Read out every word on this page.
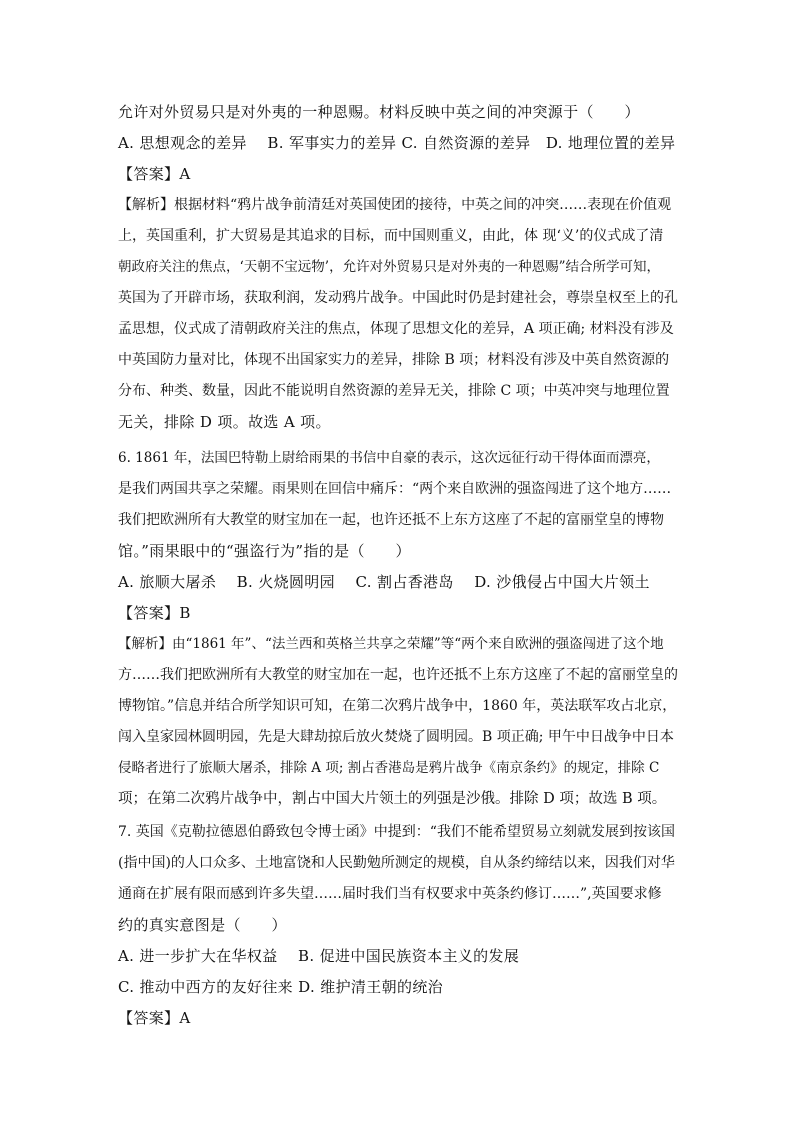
允许对外贸易只是对外夷的一种恩赐。材料反映中英之间的冲突源于（　　）
A. 思想观念的差异　 B. 军事实力的差异 C. 自然资源的差异　D. 地理位置的差异
【答案】A
【解析】根据材料“鸦片战争前清廷对英国使团的接待，中英之间的冲突……表现在价值观
上，英国重利，扩大贸易是其追求的目标，而中国则重义，由此，体 现‘义’的仪式成了清
朝政府关注的焦点，‘天朝不宝远物’，允许对外贸易只是对外夷的一种恩赐”结合所学可知，
英国为了开辟市场，获取利润，发动鸦片战争。中国此时仍是封建社会，尊崇皇权至上的孔
孟思想，仪式成了清朝政府关注的焦点，体现了思想文化的差异，A 项正确; 材料没有涉及
中英国防力量对比，体现不出国家实力的差异，排除 B 项；材料没有涉及中英自然资源的
分布、种类、数量，因此不能说明自然资源的差异无关，排除 C 项；中英冲突与地理位置
无关，排除 D 项。故选 A 项。
6. 1861 年，法国巴特勒上尉给雨果的书信中自豪的表示，这次远征行动干得体面而漂亮，
是我们两国共享之荣耀。雨果则在回信中痛斥：“两个来自欧洲的强盗闯进了这个地方……
我们把欧洲所有大教堂的财宝加在一起，也许还抵不上东方这座了不起的富丽堂皇的博物
馆。”雨果眼中的“强盗行为”指的是（　　）
A. 旅顺大屠杀　 B. 火烧圆明园　 C. 割占香港岛　 D. 沙俄侵占中国大片领土
【答案】B
【解析】由“1861 年”、“法兰西和英格兰共享之荣耀”等“两个来自欧洲的强盗闯进了这个地
方……我们把欧洲所有大教堂的财宝加在一起，也许还抵不上东方这座了不起的富丽堂皇的
博物馆。”信息并结合所学知识可知，在第二次鸦片战争中，1860 年，英法联军攻占北京，
闯入皇家园林圆明园，先是大肆劫掠后放火焚烧了圆明园。B 项正确; 甲午中日战争中日本
侵略者进行了旅顺大屠杀，排除 A 项; 割占香港岛是鸦片战争《南京条约》的规定，排除 C
项；在第二次鸦片战争中，割占中国大片领土的列强是沙俄。排除 D 项；故选 B 项。
7. 英国《克勒拉德恩伯爵致包令博士函》中提到：“我们不能希望贸易立刻就发展到按该国
(指中国)的人口众多、土地富饶和人民勤勉所测定的规模，自从条约缔结以来，因我们对华
通商在扩展有限而感到许多失望……届时我们当有权要求中英条约修订……”,英国要求修
约的真实意图是（　　）
A. 进一步扩大在华权益　 B. 促进中国民族资本主义的发展
C. 推动中西方的友好往来 D. 维护清王朝的统治
【答案】A
